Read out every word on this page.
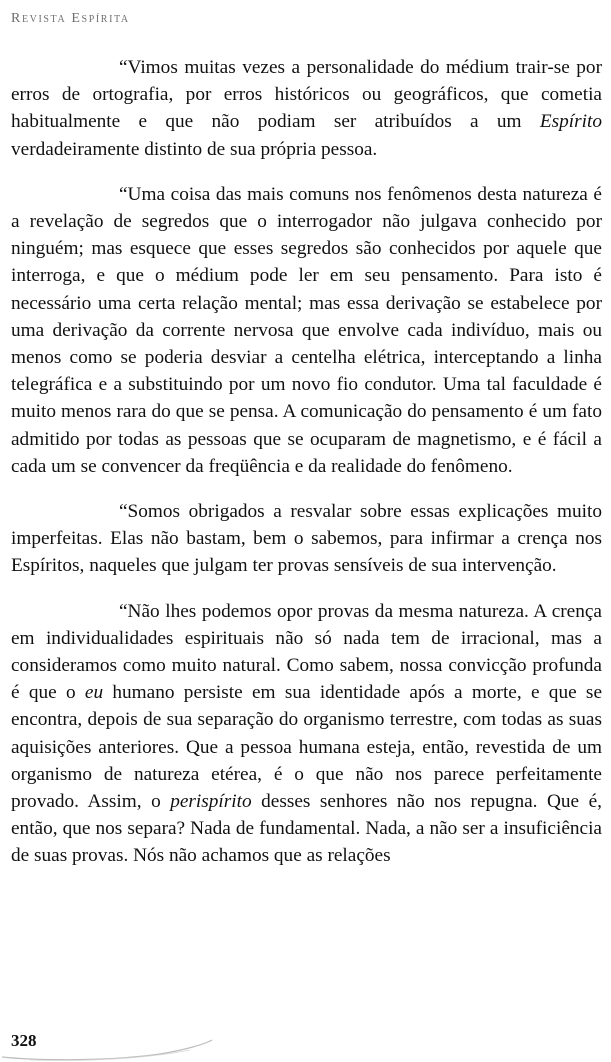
Revista Espírita

“Vimos muitas vezes a personalidade do médium trair-se por erros de ortografia, por erros históricos ou geográficos, que cometia habitualmente e que não podiam ser atribuídos a um Espírito verdadeiramente distinto de sua própria pessoa.

“Uma coisa das mais comuns nos fenômenos desta natureza é a revelação de segredos que o interrogador não julgava conhecido por ninguém; mas esquece que esses segredos são conhecidos por aquele que interroga, e que o médium pode ler em seu pensamento. Para isto é necessário uma certa relação mental; mas essa derivação se estabelece por uma derivação da corrente nervosa que envolve cada indivíduo, mais ou menos como se poderia desviar a centelha elétrica, interceptando a linha telegráfica e a substituindo por um novo fio condutor. Uma tal faculdade é muito menos rara do que se pensa. A comunicação do pensamento é um fato admitido por todas as pessoas que se ocuparam de magnetismo, e é fácil a cada um se convencer da freqüência e da realidade do fenômeno.

“Somos obrigados a resvalar sobre essas explicações muito imperfeitas. Elas não bastam, bem o sabemos, para infirmar a crença nos Espíritos, naqueles que julgam ter provas sensíveis de sua intervenção.

“Não lhes podemos opor provas da mesma natureza. A crença em individualidades espirituais não só nada tem de irracional, mas a consideramos como muito natural. Como sabem, nossa convicção profunda é que o eu humano persiste em sua identidade após a morte, e que se encontra, depois de sua separação do organismo terrestre, com todas as suas aquisições anteriores. Que a pessoa humana esteja, então, revestida de um organismo de natureza etérea, é o que não nos parece perfeitamente provado. Assim, o perispírito desses senhores não nos repugna. Que é, então, que nos separa? Nada de fundamental. Nada, a não ser a insuficiência de suas provas. Nós não achamos que as relações

328
